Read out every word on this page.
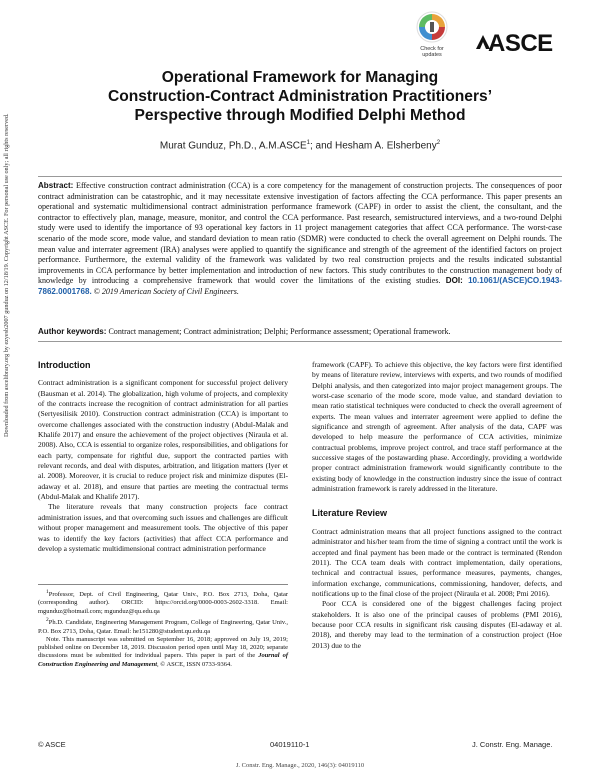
Downloaded from ascelibrary.org by ezyesb2007 gunduz on 12/18/19. Copyright ASCE. For personal use only; all rights reserved.
Check for updates	ASCE
Operational Framework for Managing
Construction-Contract Administration Practitioners’
Perspective through Modified Delphi Method
Murat Gunduz, Ph.D., A.M.ASCE$^1$; and Hesham A. Elsherbeny$^2$
Abstract: Effective construction contract administration (CCA) is a core competency for the management of construction projects. The consequences of poor contract administration can be catastrophic, and it may necessitate extensive investigation of factors affecting the CCA performance. This paper presents an operational and systematic multidimensional contract administration performance framework (CAPF) in order to assist the client, the consultant, and the contractor to effectively plan, manage, measure, monitor, and control the CCA performance. Past research, semistructured interviews, and a two-round Delphi study were used to identify the importance of 93 operational key factors in 11 project management categories that affect CCA performance. The worst-case scenario of the mode score, mode value, and standard deviation to mean ratio (SDMR) were conducted to check the overall agreement on Delphi rounds. The mean value and interrater agreement (IRA) analyses were applied to quantify the significance and strength of the agreement of the identified factors on project performance. Furthermore, the external validity of the framework was validated by two real construction projects and the results indicated substantial improvements in CCA performance by better implementation and introduction of new factors. This study contributes to the construction management body of knowledge by introducing a comprehensive framework that would cover the limitations of the existing studies. DOI: 10.1061/(ASCE)CO.1943-7862.0001768. © 2019 American Society of Civil Engineers.
Author keywords: Contract management; Contract administration; Delphi; Performance assessment; Operational framework.
Introduction

Contract administration is a significant component for successful project delivery (Bausman et al. 2014). The globalization, high volume of projects, and complexity of the contracts increase the recognition of contract administration for all parties (Sertyesilisik 2010). Construction contract administration (CCA) is important to overcome challenges associated with the construction industry (Abdul-Malak and Khalife 2017) and ensure the achievement of the project objectives (Niraula et al. 2008). Also, CCA is essential to organize roles, responsibilities, and obligations for each party, compensate for rightful due, support the contracted parties with relevant records, and deal with disputes, arbitration, and litigation matters (Iyer et al. 2008). Moreover, it is crucial to reduce project risk and minimize disputes (El-adaway et al. 2018), and ensure that parties are meeting the contractual terms (Abdul-Malak and Khalife 2017).

The literature reveals that many construction projects face contract administration issues, and that overcoming such issues and challenges are difficult without proper management and measurement tools. The objective of this paper was to identify the key factors (activities) that affect CCA performance and develop a systematic multidimensional contract administration performance

$^1$Professor, Dept. of Civil Engineering, Qatar Univ., P.O. Box 2713, Doha, Qatar (corresponding author). ORCID: https://orcid.org/0000-0003-2602-3318. Email: mgunduz@hotmail.com; mgunduz@qu.edu.qa

$^2$Ph.D. Candidate, Engineering Management Program, College of Engineering, Qatar Univ., P.O. Box 2713, Doha, Qatar. Email: he151280@student.qu.edu.qa

Note. This manuscript was submitted on September 16, 2018; approved on July 19, 2019; published online on December 18, 2019. Discussion period open until May 18, 2020; separate discussions must be submitted for individual papers. This paper is part of the Journal of Construction Engineering and Management, © ASCE, ISSN 0733-9364.

framework (CAPF). To achieve this objective, the key factors were first identified by means of literature review, interviews with experts, and two rounds of modified Delphi analysis, and then categorized into major project management groups. The worst-case scenario of the mode score, mode value, and standard deviation to mean ratio statistical techniques were conducted to check the overall agreement of experts. The mean values and interrater agreement were applied to define the significance and strength of agreement. After analysis of the data, CAPF was developed to help measure the performance of CCA activities, minimize contractual problems, improve project control, and trace staff performance at the successive stages of the postawarding phase. Accordingly, providing a worldwide proper contract administration framework would significantly contribute to the existing body of knowledge in the construction industry since the issue of contract administration framework is rarely addressed in the literature.

Literature Review

Contract administration means that all project functions assigned to the contract administrator and his/her team from the time of signing a contract until the work is accepted and final payment has been made or the contract is terminated (Rendon 2011). The CCA team deals with contract implementation, daily operations, technical and contractual issues, performance measures, payments, changes, information exchange, communications, commissioning, handover, defects, and notifications up to the final close of the project (Niraula et al. 2008; Pmi 2016).

Poor CCA is considered one of the biggest challenges facing project stakeholders. It is also one of the principal causes of problems (PMI 2016), because poor CCA results in significant risk causing disputes (El-adaway et al. 2018), and thereby may lead to the termination of a construction project (Hoe 2013) due to the

© ASCE	04019110-1	J. Constr. Eng. Manage.
J. Constr. Eng. Manage., 2020, 146(3): 04019110
